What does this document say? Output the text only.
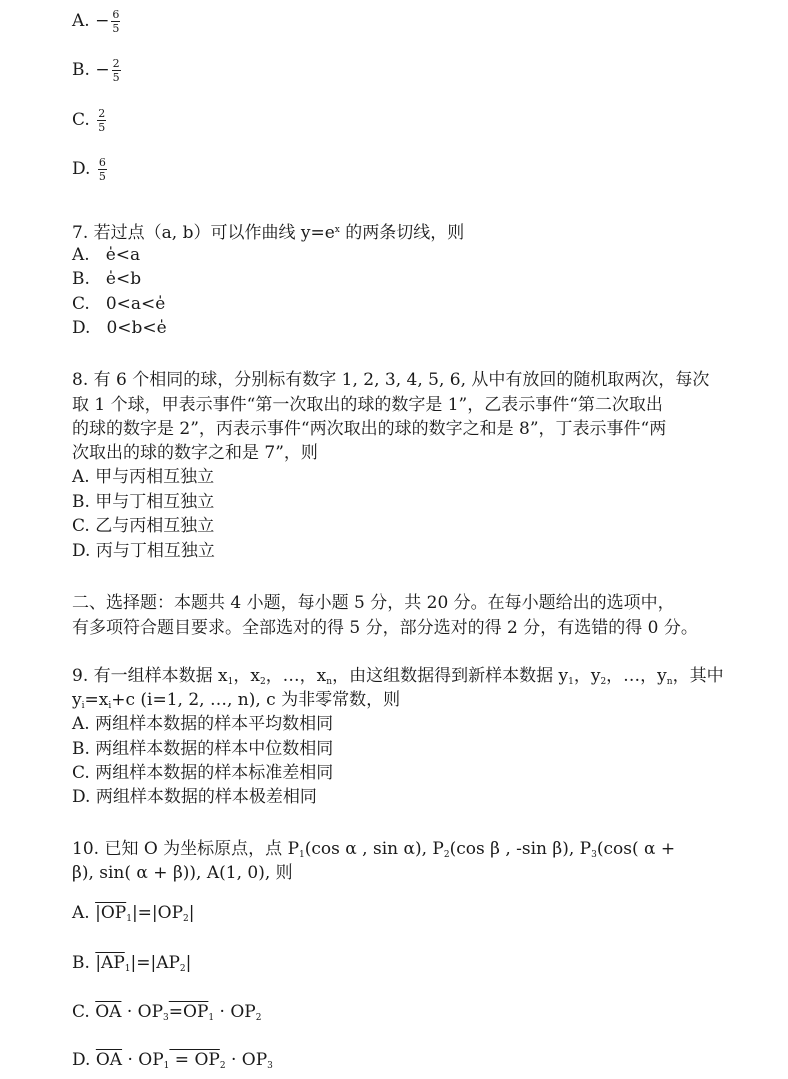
A. − $\frac{6}{5}$
B. − $\frac{2}{5}$
C. $\frac{2}{5}$
D. $\frac{6}{5}$
7. 若过点（a, b）可以作曲线 $y=e^x$ 的两条切线，则
A. e̍<a
B. e̍<b
C. 0<a<e̍
D. 0<b<e̍
8. 有 6 个相同的球，分别标有数字 1, 2, 3, 4, 5, 6, 从中有放回的随机取两次，每次
取 1 个球，甲表示事件“第一次取出的球的数字是 1”，乙表示事件“第二次取出
的球的数字是 2”，丙表示事件“两次取出的球的数字之和是 8”，丁表示事件“两
次取出的球的数字之和是 7”，则
A. 甲与丙相互独立
B. 甲与丁相互独立
C. 乙与丙相互独立
D. 丙与丁相互独立
二、选择题：本题共 4 小题，每小题 5 分，共 20 分。在每小题给出的选项中，
有多项符合题目要求。全部选对的得 5 分，部分选对的得 2 分，有选错的得 0 分。
9. 有一组样本数据 $x_1$，$x_2$，…，$x_n$，由这组数据得到新样本数据 $y_1$，$y_2$，…，$y_n$，其中
$y_i=x_i+c$ (i=1, 2, …, n), c 为非零常数，则
A. 两组样本数据的样本平均数相同
B. 两组样本数据的样本中位数相同
C. 两组样本数据的样本标准差相同
D. 两组样本数据的样本极差相同
10. 已知 O 为坐标原点，点 $P_1(\cos$ α , sin α), $P_2(\cos$ β , -sin β), $P_3(\cos$( α +
β), sin( α + β)), A(1, 0), 则
A. $|OP_1|=|OP_2|$
B. $|AP_1|=|AP_2|$
C. $\overline{OA} \cdot OP_3=OP_1 \cdot OP_2$
D. $\overline{OA} \cdot OP_1 = OP_2 \cdot OP_3$
